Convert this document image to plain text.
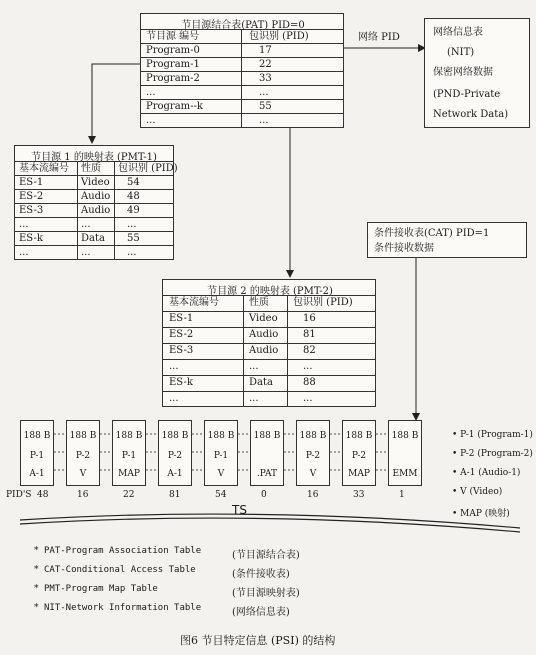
节目源结合表(PAT) PID=0
节目源 编号	包识别 (PID)
Program-0	17
Program-1	22
Program-2	33
...	...
Program--k	55
...	...
网络 PID	网络信息表
(NIT)
保密网络数据
(PND-Private
Network Data)
节目源 1 的映射表 (PMT-1)
基本流编号 性质 包识别 (PID)
ES-1	Video 54
ES-2	Audio 48
ES-3	Audio 49
...	...	...
ES-k	Data 55
...	...	...
条件接收表(CAT) PID=1
条件接收数据
节目源 2 的映射表 (PMT-2)
基本流编号	性质 包识别 (PID)
ES-1	Video	16
ES-2	Audio 81
ES-3	Audio 82
...	...	...
ES-k	Data	88
...	...	...
188 B
P-1
A-1
48
188 B
P-2
V
16
188 B
P-1
MAP
22
188 B
P-2
A-1
81
188 B
P-1
V
54
188 B
.PAT
0
188 B
P-2
V
16
188 B
P-2
MAP
33
188 B
EMM
1
PID'S
• P-1 (Program-1)
• P-2 (Program-2)
• A-1 (Audio-1)
• V (Video)
• MAP (映射)
TS
* PAT-Program Association Table	(节目源结合表)
* CAT-Conditional Access Table	(条件接收表)
* PMT-Program Map Table	(节目源映射表)
* NIT-Network Information Table	(网络信息表)
图6 节目特定信息 (PSI) 的结构
